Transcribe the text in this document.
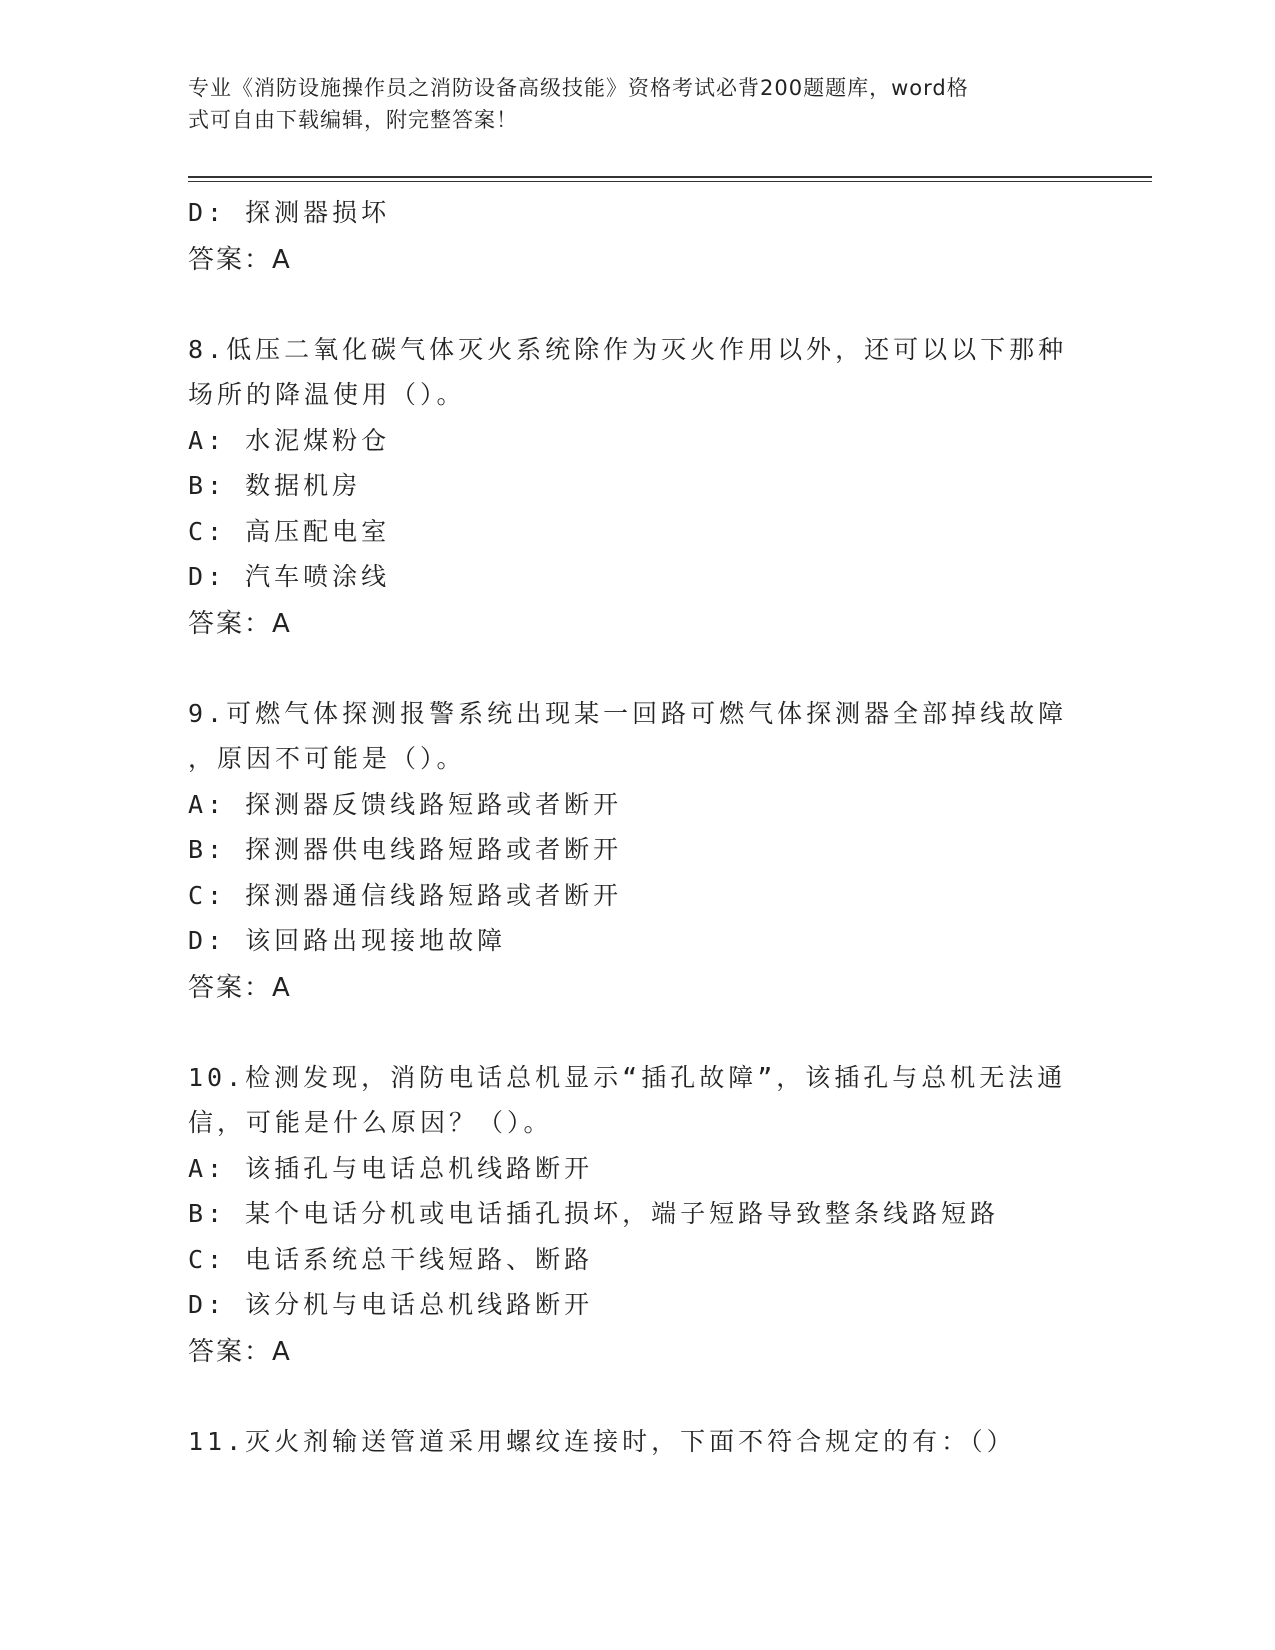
专业《消防设施操作员之消防设备高级技能》资格考试必背200题题库，word格
式可自由下载编辑，附完整答案！
D: 探测器损坏
答案：A
8.低压二氧化碳气体灭火系统除作为灭火作用以外，还可以以下那种
场所的降温使用（）。
A: 水泥煤粉仓
B: 数据机房
C: 高压配电室
D: 汽车喷涂线
答案：A
9.可燃气体探测报警系统出现某一回路可燃气体探测器全部掉线故障
，原因不可能是（）。
A: 探测器反馈线路短路或者断开
B: 探测器供电线路短路或者断开
C: 探测器通信线路短路或者断开
D: 该回路出现接地故障
答案：A
10.检测发现，消防电话总机显示“插孔故障”，该插孔与总机无法通
信，可能是什么原因？（）。
A: 该插孔与电话总机线路断开
B: 某个电话分机或电话插孔损坏，端子短路导致整条线路短路
C: 电话系统总干线短路、断路
D: 该分机与电话总机线路断开
答案：A
11.灭火剂输送管道采用螺纹连接时，下面不符合规定的有：（）
